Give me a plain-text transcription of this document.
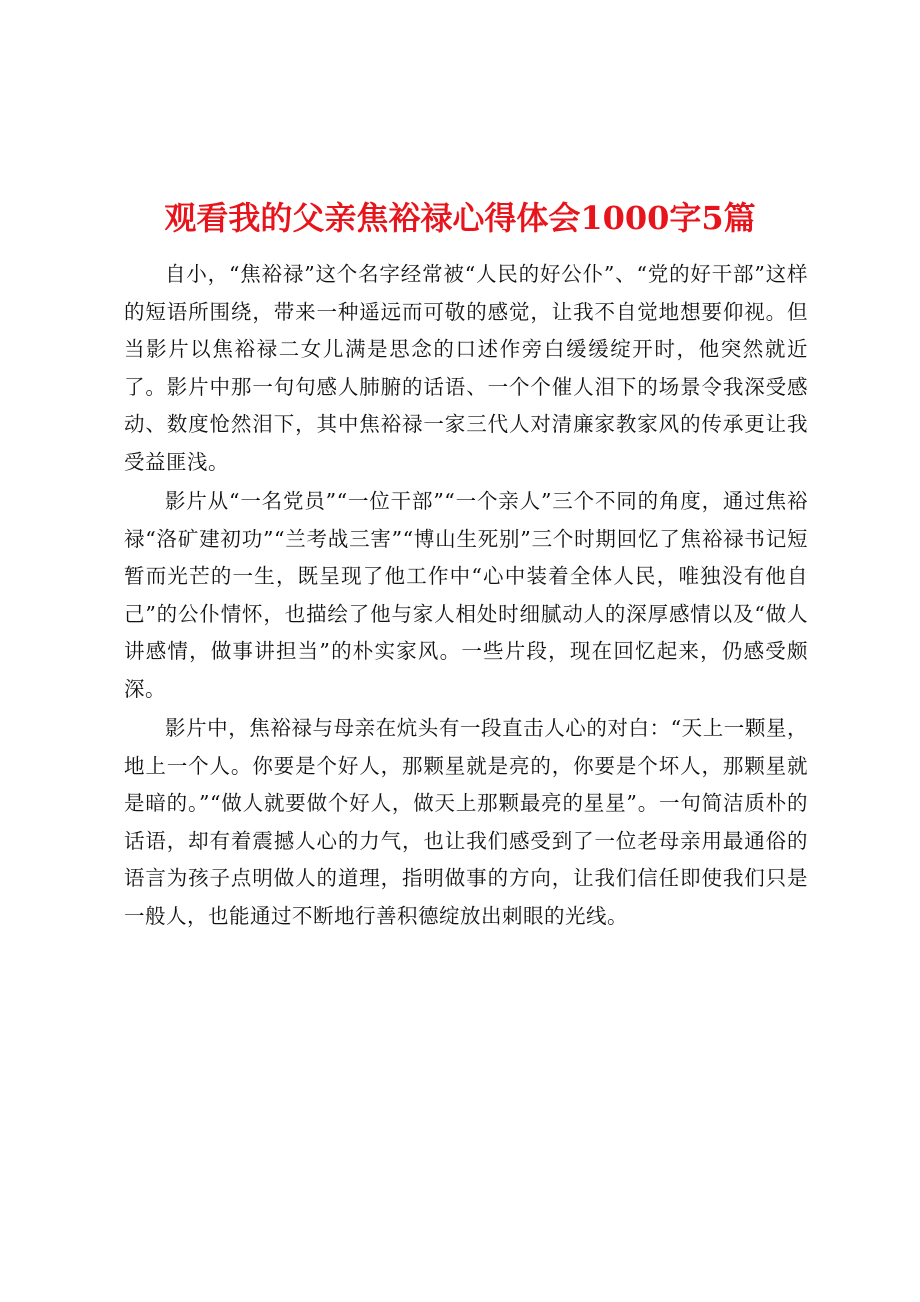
观看我的父亲焦裕禄心得体会1000字5篇

自小，“焦裕禄”这个名字经常被“人民的好公仆”、“党的好干部”这样的短语所围绕，带来一种遥远而可敬的感觉，让我不自觉地想要仰视。但当影片以焦裕禄二女儿满是思念的口述作旁白缓缓绽开时，他突然就近了。影片中那一句句感人肺腑的话语、一个个催人泪下的场景令我深受感动、数度怆然泪下，其中焦裕禄一家三代人对清廉家教家风的传承更让我受益匪浅。

影片从“一名党员”“一位干部”“一个亲人”三个不同的角度，通过焦裕禄“洛矿建初功”“兰考战三害”“博山生死别”三个时期回忆了焦裕禄书记短暂而光芒的一生，既呈现了他工作中“心中装着全体人民，唯独没有他自己”的公仆情怀，也描绘了他与家人相处时细腻动人的深厚感情以及“做人讲感情，做事讲担当”的朴实家风。一些片段，现在回忆起来，仍感受颇深。

影片中，焦裕禄与母亲在炕头有一段直击人心的对白：“天上一颗星，地上一个人。你要是个好人，那颗星就是亮的，你要是个坏人，那颗星就是暗的。”“做人就要做个好人，做天上那颗最亮的星星”。一句简洁质朴的话语，却有着震撼人心的力气，也让我们感受到了一位老母亲用最通俗的语言为孩子点明做人的道理，指明做事的方向，让我们信任即使我们只是一般人，也能通过不断地行善积德绽放出刺眼的光线。
